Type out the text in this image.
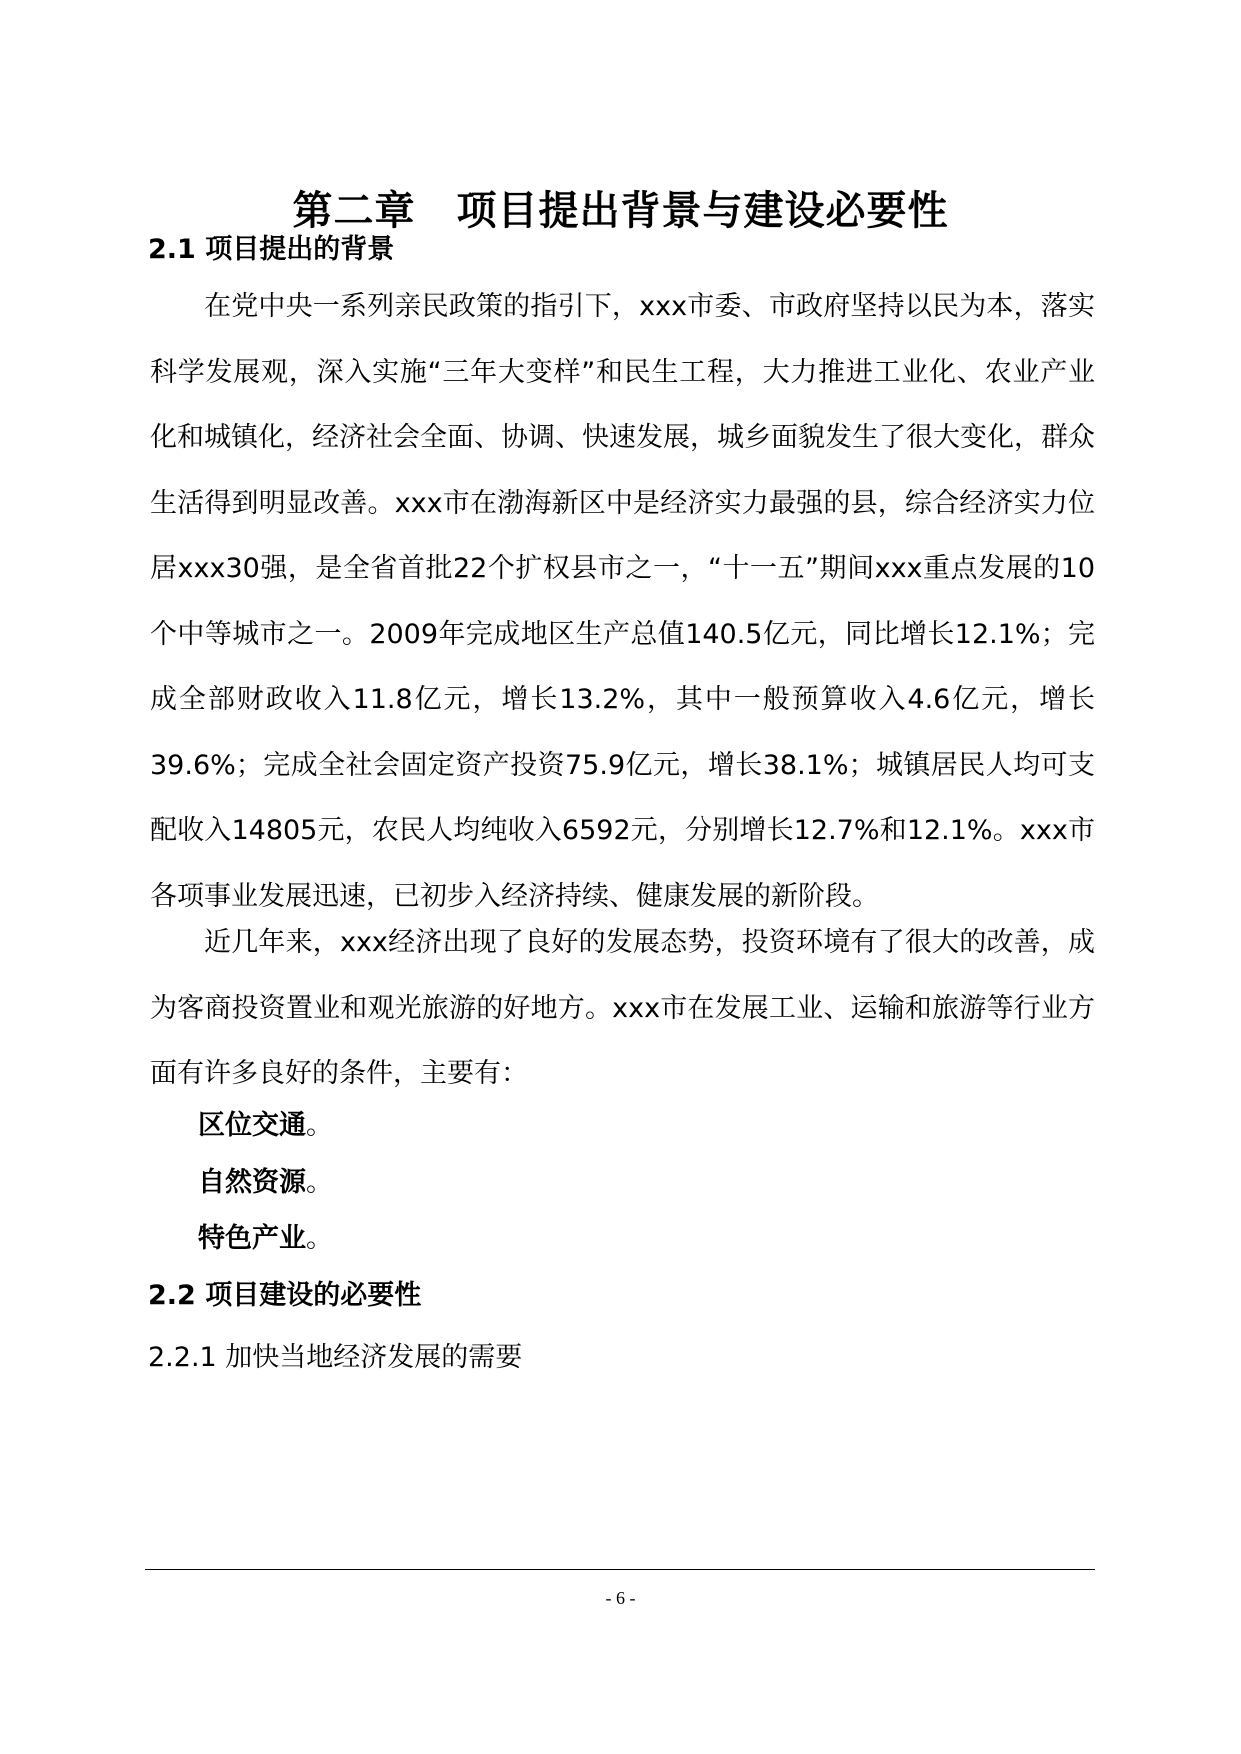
第二章　项目提出背景与建设必要性
2.1 项目提出的背景

在党中央一系列亲民政策的指引下，xxx市委、市政府坚持以民为本，落实科学发展观，深入实施“三年大变样”和民生工程，大力推进工业化、农业产业化和城镇化，经济社会全面、协调、快速发展，城乡面貌发生了很大变化，群众生活得到明显改善。xxx市在渤海新区中是经济实力最强的县，综合经济实力位居xxx30强，是全省首批22个扩权县市之一，“十一五”期间xxx重点发展的10个中等城市之一。2009年完成地区生产总值140.5亿元，同比增长12.1%；完成全部财政收入11.8亿元，增长13.2%，其中一般预算收入4.6亿元，增长39.6%；完成全社会固定资产投资75.9亿元，增长38.1%；城镇居民人均可支配收入14805元，农民人均纯收入6592元，分别增长12.7%和12.1%。xxx市各项事业发展迅速，已初步入经济持续、健康发展的新阶段。

近几年来，xxx经济出现了良好的发展态势，投资环境有了很大的改善，成为客商投资置业和观光旅游的好地方。xxx市在发展工业、运输和旅游等行业方面有许多良好的条件，主要有：

区位交通。
自然资源。
特色产业。
2.2 项目建设的必要性
2.2.1 加快当地经济发展的需要
- 6 -
